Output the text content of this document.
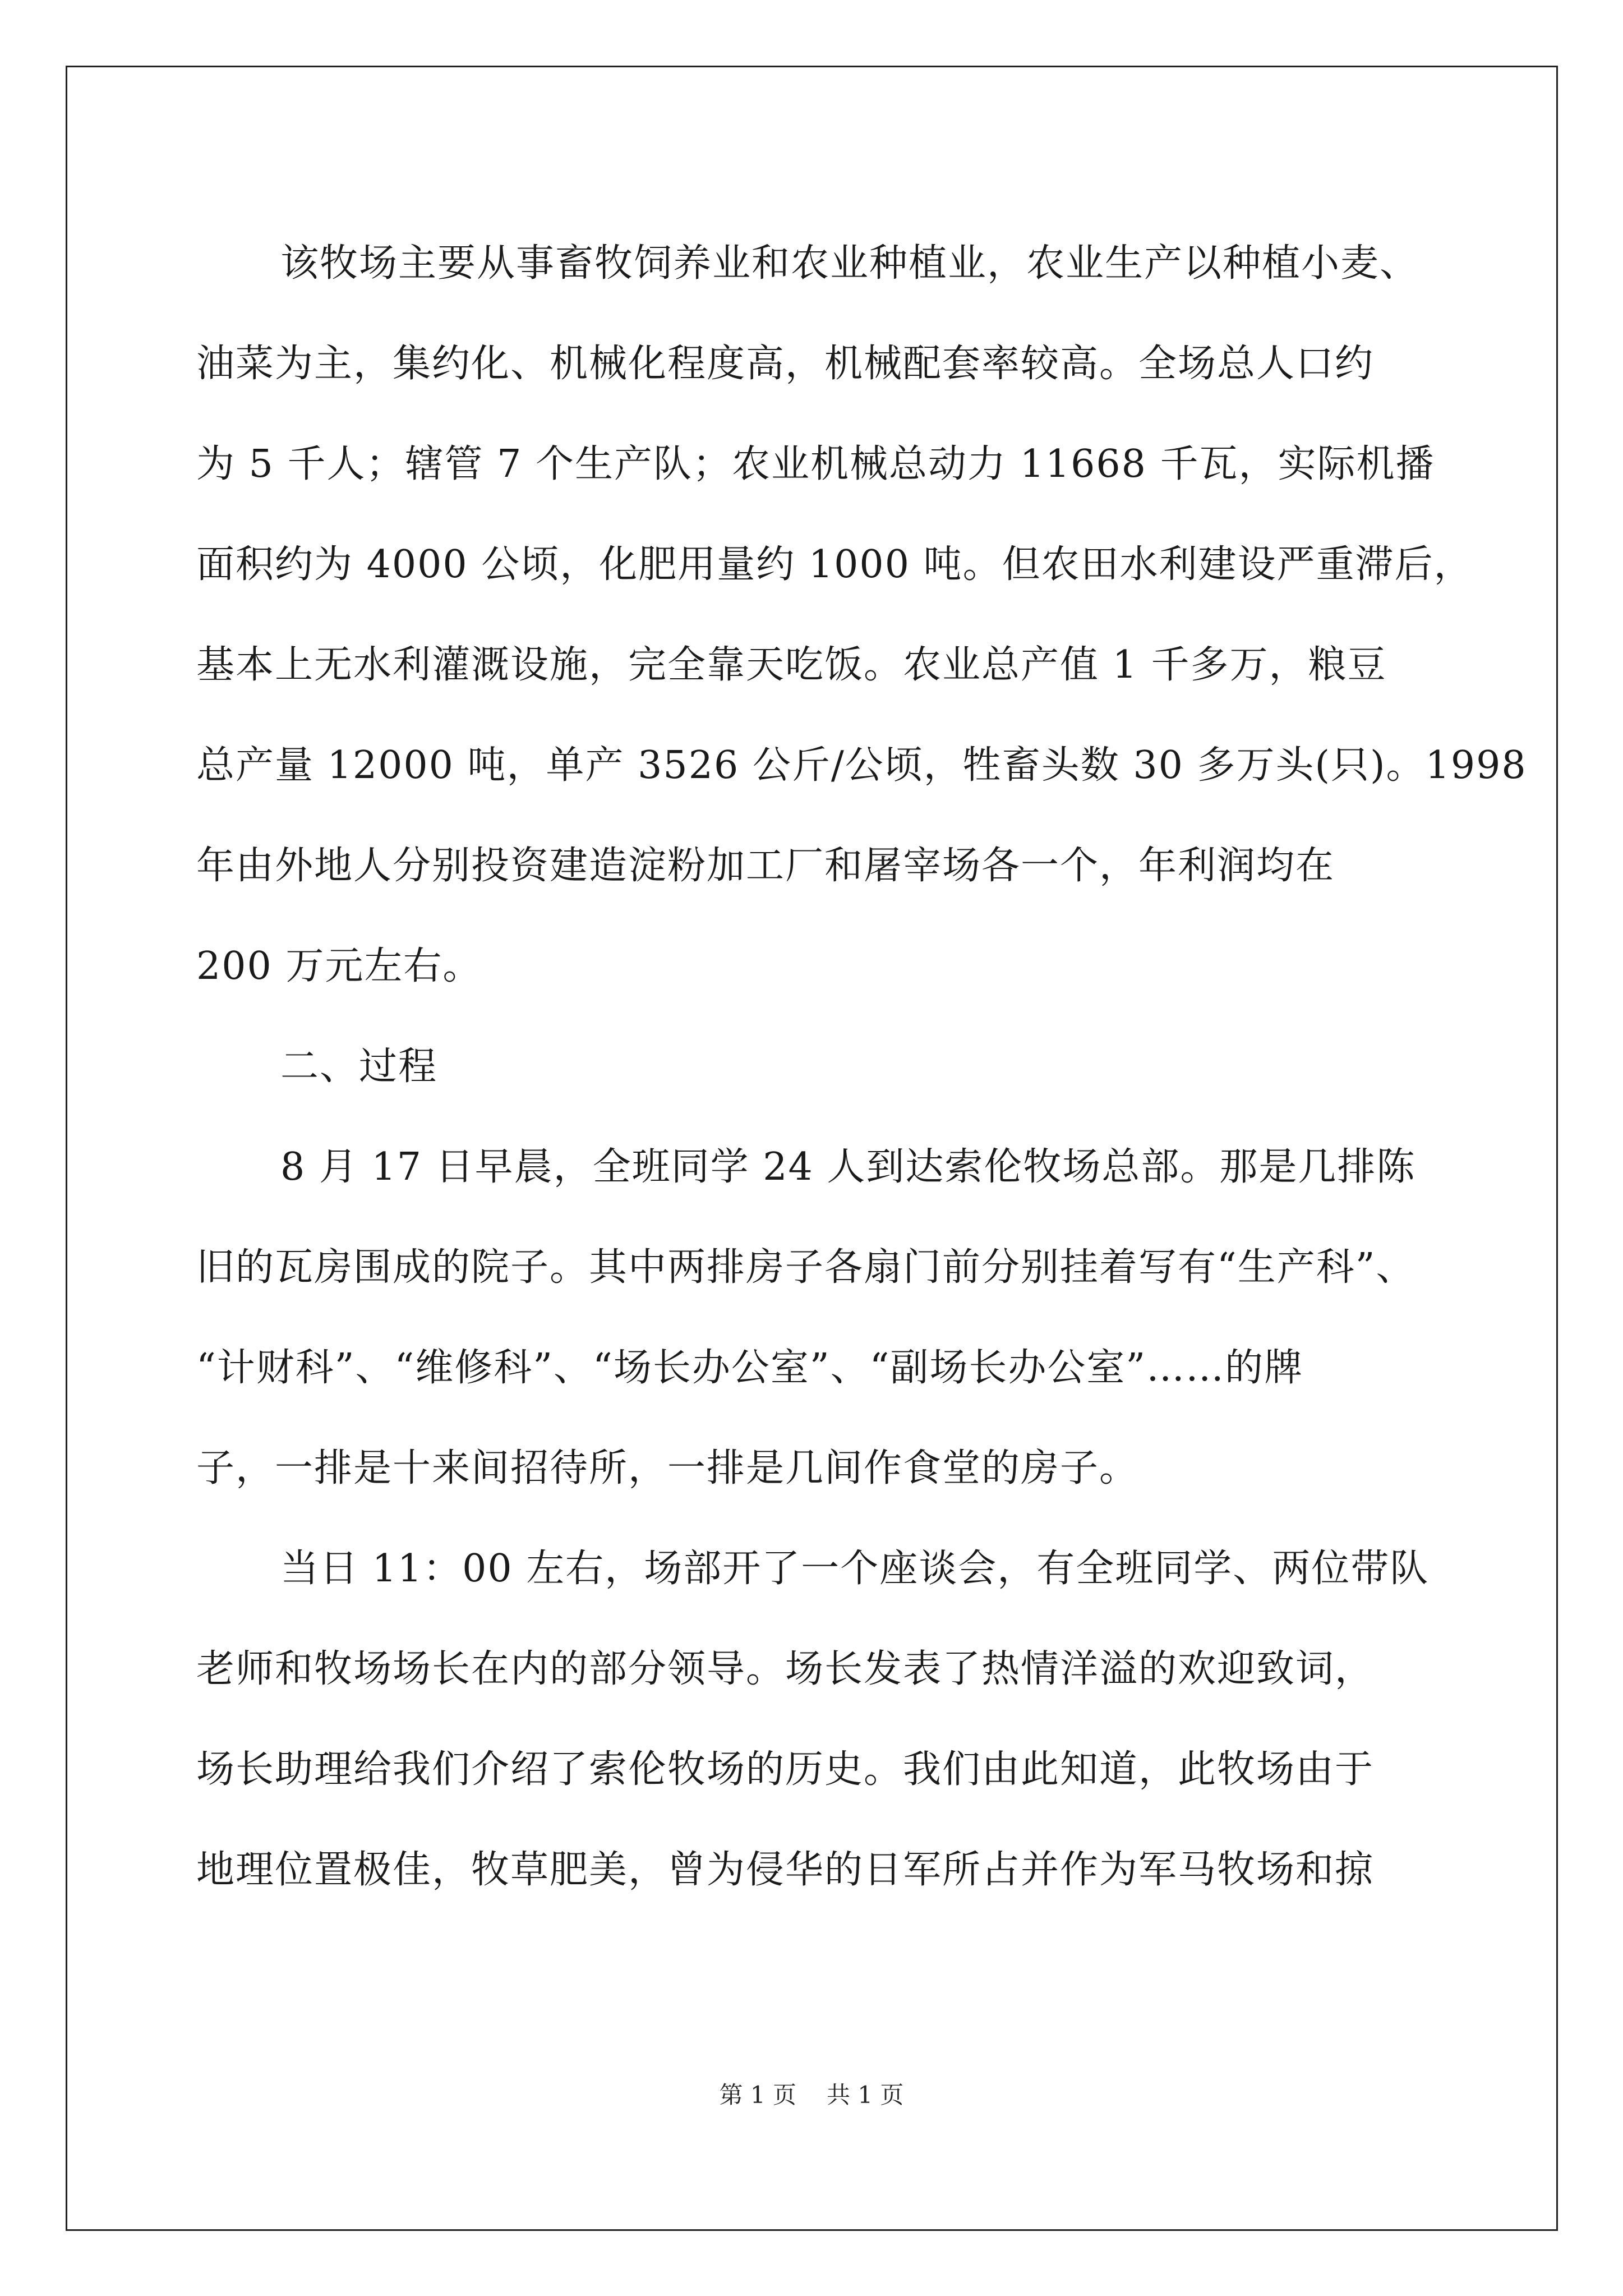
该牧场主要从事畜牧饲养业和农业种植业，农业生产以种植小麦、
油菜为主，集约化、机械化程度高，机械配套率较高。全场总人口约
为 5 千人；辖管 7 个生产队；农业机械总动力 11668 千瓦，实际机播
面积约为 4000 公顷，化肥用量约 1000 吨。但农田水利建设严重滞后，
基本上无水利灌溉设施，完全靠天吃饭。农业总产值 1 千多万，粮豆
总产量 12000 吨，单产 3526 公斤/公顷，牲畜头数 30 多万头(只)。1998
年由外地人分别投资建造淀粉加工厂和屠宰场各一个，年利润均在
200 万元左右。
二、过程
8 月 17 日早晨，全班同学 24 人到达索伦牧场总部。那是几排陈
旧的瓦房围成的院子。其中两排房子各扇门前分别挂着写有“生产科”、
“计财科”、“维修科”、“场长办公室”、“副场长办公室”……的牌
子，一排是十来间招待所，一排是几间作食堂的房子。
当日 11：00 左右，场部开了一个座谈会，有全班同学、两位带队
老师和牧场场长在内的部分领导。场长发表了热情洋溢的欢迎致词，
场长助理给我们介绍了索伦牧场的历史。我们由此知道，此牧场由于
地理位置极佳，牧草肥美，曾为侵华的日军所占并作为军马牧场和掠
第 1 页 共 1 页
